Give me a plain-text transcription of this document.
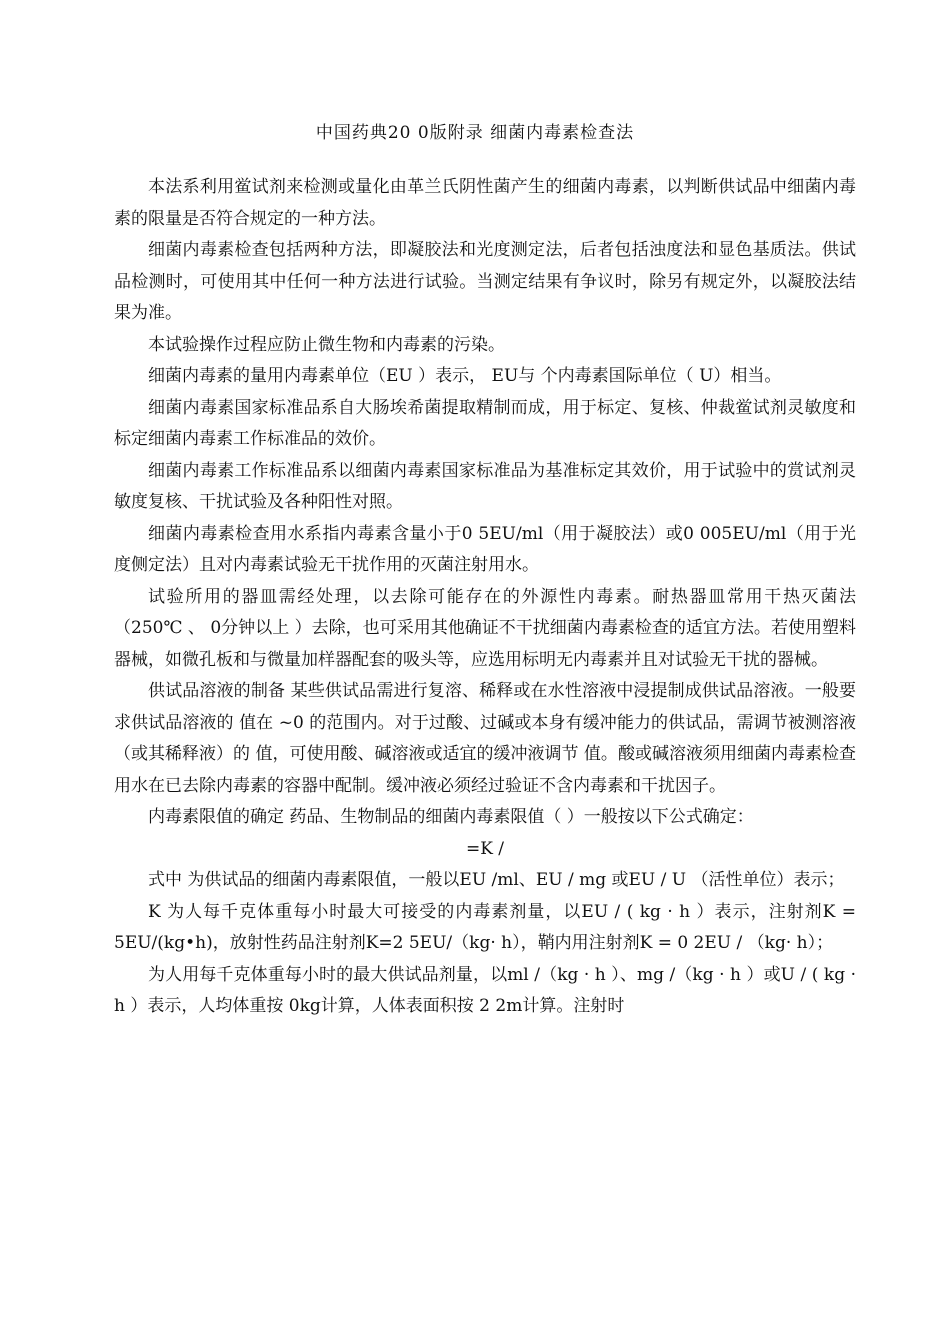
中国药典20 0版附录 细菌内毒素检查法

本法系利用鲎试剂来检测或量化由革兰氏阴性菌产生的细菌内毒素，以判断供试品中细菌内毒素的限量是否符合规定的一种方法。

细菌内毒素检查包括两种方法，即凝胶法和光度测定法，后者包括浊度法和显色基质法。供试品检测时，可使用其中任何一种方法进行试验。当测定结果有争议时，除另有规定外，以凝胶法结果为准。

本试验操作过程应防止微生物和内毒素的污染。

细菌内毒素的量用内毒素单位（EU ）表示， EU与 个内毒素国际单位（ U）相当。

细菌内毒素国家标准品系自大肠埃希菌提取精制而成，用于标定、复核、仲裁鲎试剂灵敏度和标定细菌内毒素工作标准品的效价。

细菌内毒素工作标准品系以细菌内毒素国家标准品为基准标定其效价，用于试验中的赏试剂灵敏度复核、干扰试验及各种阳性对照。

细菌内毒素检查用水系指内毒素含量小于0 5EU/ml（用于凝胶法）或0 005EU/ml（用于光度侧定法）且对内毒素试验无干扰作用的灭菌注射用水。

试验所用的器皿需经处理，以去除可能存在的外源性内毒素。耐热器皿常用干热灭菌法（250℃ 、 0分钟以上 ）去除，也可采用其他确证不干扰细菌内毒素检查的适宜方法。若使用塑料器械，如微孔板和与微量加样器配套的吸头等，应选用标明无内毒素并且对试验无干扰的器械。

供试品溶液的制备 某些供试品需进行复溶、稀释或在水性溶液中浸提制成供试品溶液。一般要求供试品溶液的 值在 ~0 的范围内。对于过酸、过碱或本身有缓冲能力的供试品，需调节被测溶液（或其稀释液）的 值，可使用酸、碱溶液或适宜的缓冲液调节 值。酸或碱溶液须用细菌内毒素检查用水在已去除内毒素的容器中配制。缓冲液必须经过验证不含内毒素和干扰因子。

内毒素限值的确定 药品、生物制品的细菌内毒素限值（ ）一般按以下公式确定：

=K /

式中 为供试品的细菌内毒素限值，一般以EU /ml、EU / mg 或EU / U （活性单位）表示；

K 为人每千克体重每小时最大可接受的内毒素剂量，以EU / ( kg · h ）表示，注射剂K = 5EU/(kg•h)，放射性药品注射剂K=2 5EU/（kg· h），鞘内用注射剂K = 0 2EU / （kg· h）；

为人用每千克体重每小时的最大供试品剂量，以ml /（kg · h ）、mg /（kg · h ）或U / ( kg · h ）表示，人均体重按 0kg计算，人体表面积按 2 2m计算。注射时
